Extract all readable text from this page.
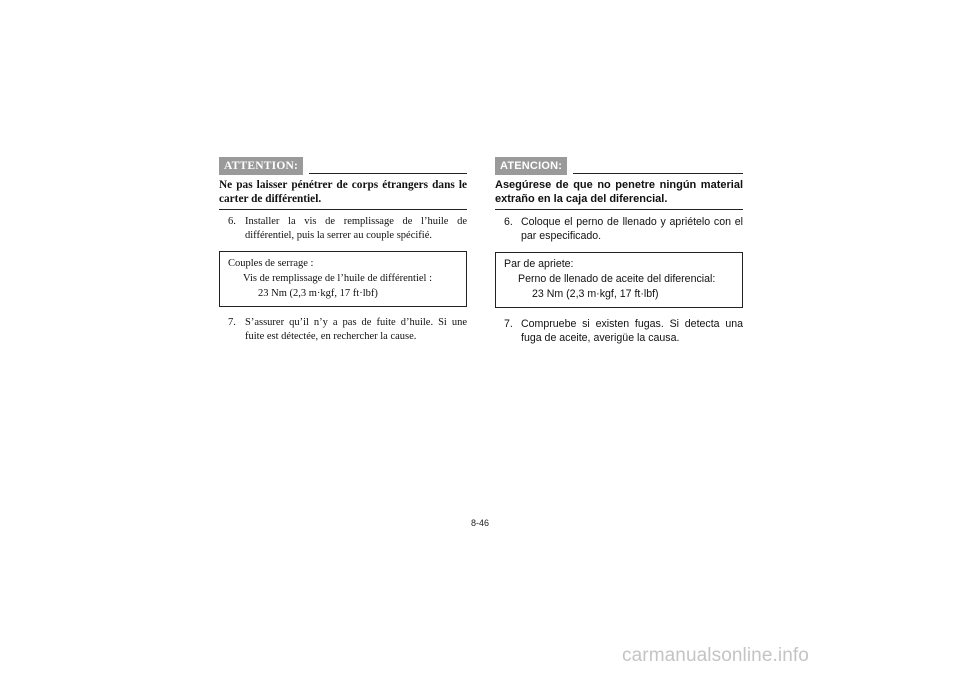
ATTENTION:
Ne pas laisser pénétrer de corps étrangers dans le carter de différentiel.
6. Installer la vis de remplissage de l’huile de différentiel, puis la serrer au couple spécifié.
Couples de serrage :
Vis de remplissage de l’huile de différentiel :
23 Nm (2,3 m·kgf, 17 ft·lbf)
7. S’assurer qu’il n’y a pas de fuite d’huile. Si une fuite est détectée, en rechercher la cause.
ATENCION:
Asegúrese de que no penetre ningún material extraño en la caja del diferencial.
6. Coloque el perno de llenado y apriételo con el par especificado.
Par de apriete:
Perno de llenado de aceite del diferencial:
23 Nm (2,3 m·kgf, 17 ft·lbf)
7. Compruebe si existen fugas. Si detecta una fuga de aceite, averigüe la causa.
8-46
carmanualsonline.info
